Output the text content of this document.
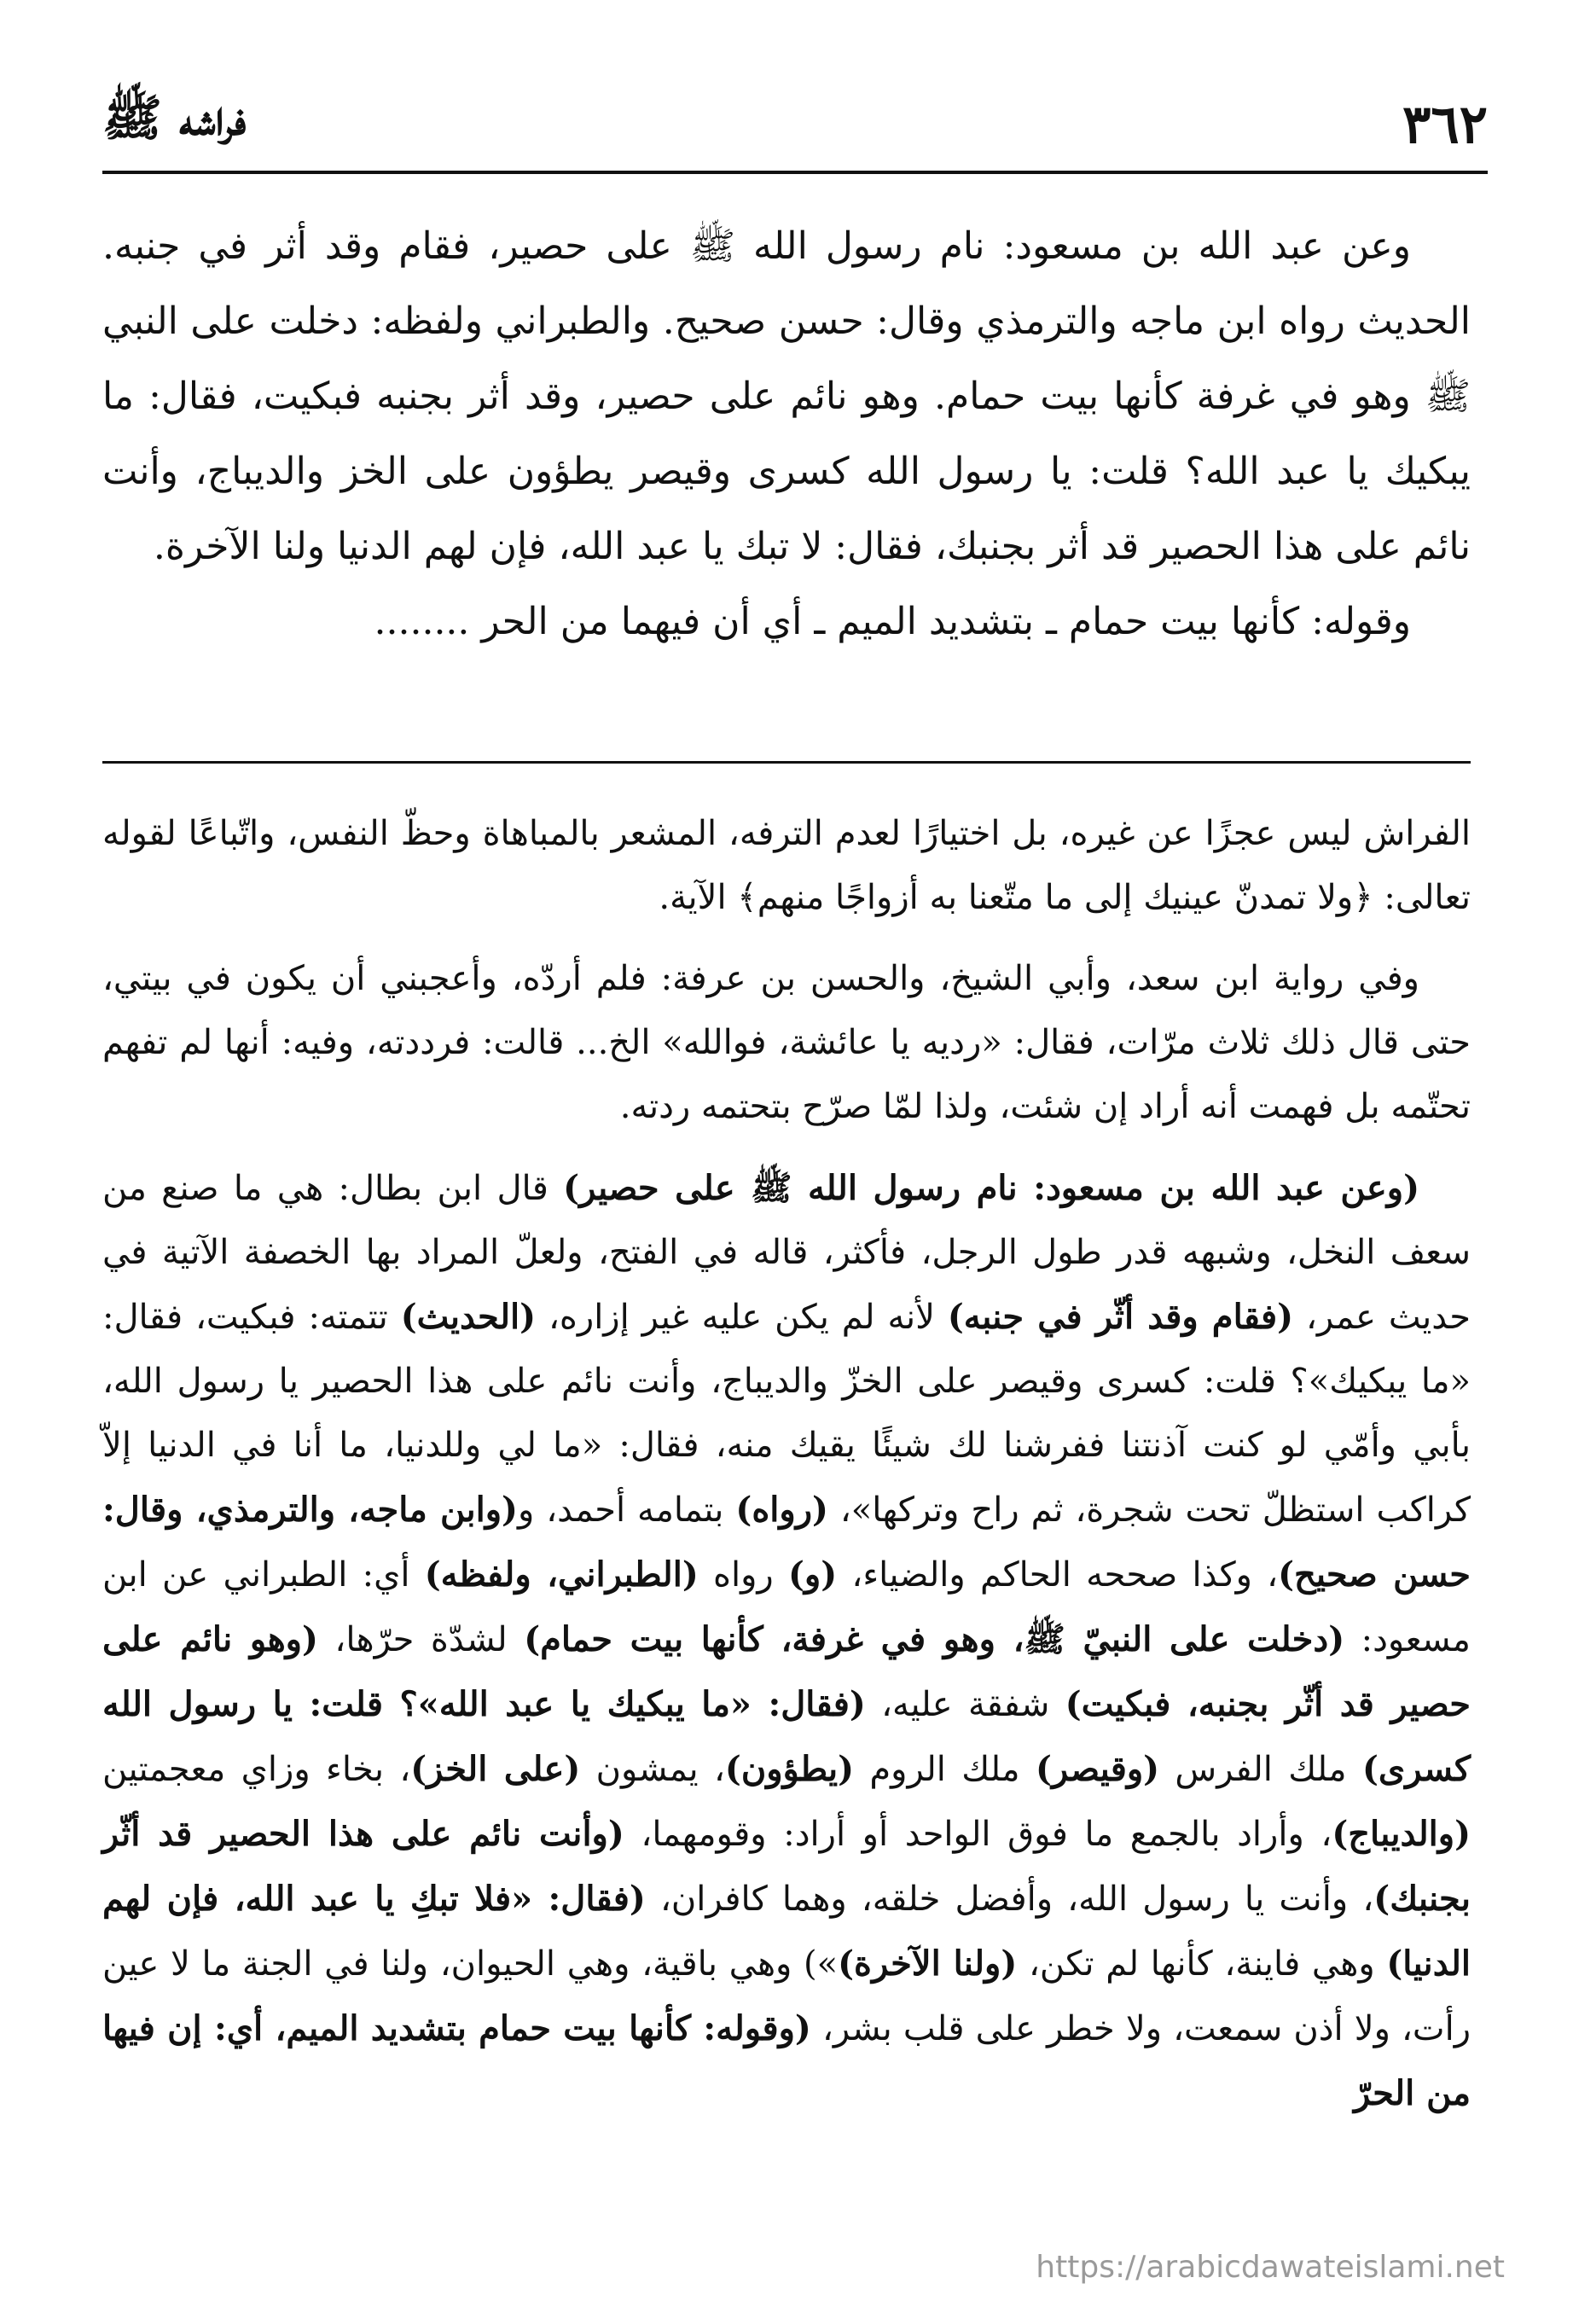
٣٦٢
فراشه ﷺ

وعن عبد الله بن مسعود: نام رسول الله ﷺ على حصير، فقام وقد أثر في جنبه. الحديث رواه ابن ماجه والترمذي وقال: حسن صحيح. والطبراني ولفظه: دخلت على النبي ﷺ وهو في غرفة كأنها بيت حمام. وهو نائم على حصير، وقد أثر بجنبه فبكيت، فقال: ما يبكيك يا عبد الله؟ قلت: يا رسول الله كسرى وقيصر يطؤون على الخز والديباج، وأنت نائم على هذا الحصير قد أثر بجنبك، فقال: لا تبك يا عبد الله، فإن لهم الدنيا ولنا الآخرة.

وقوله: كأنها بيت حمام ـ بتشديد الميم ـ أي أن فيهما من الحر ........

الفراش ليس عجزًا عن غيره، بل اختيارًا لعدم الترفه، المشعر بالمباهاة وحظّ النفس، واتّباعًا لقوله تعالى: ﴿ولا تمدنّ عينيك إلى ما متّعنا به أزواجًا منهم﴾ الآية.

وفي رواية ابن سعد، وأبي الشيخ، والحسن بن عرفة: فلم أردّه، وأعجبني أن يكون في بيتي، حتى قال ذلك ثلاث مرّات، فقال: «رديه يا عائشة، فوالله» الخ... قالت: فرددته، وفيه: أنها لم تفهم تحتّمه بل فهمت أنه أراد إن شئت، ولذا لمّا صرّح بتحتمه ردته.

(وعن عبد الله بن مسعود: نام رسول الله ﷺ على حصير) قال ابن بطال: هي ما صنع من سعف النخل، وشبهه قدر طول الرجل، فأكثر، قاله في الفتح، ولعلّ المراد بها الخصفة الآتية في حديث عمر، (فقام وقد أثّر في جنبه) لأنه لم يكن عليه غير إزاره، (الحديث) تتمته: فبكيت، فقال: «ما يبكيك»؟ قلت: كسرى وقيصر على الخزّ والديباج، وأنت نائم على هذا الحصير يا رسول الله، بأبي وأمّي لو كنت آذنتنا ففرشنا لك شيئًا يقيك منه، فقال: «ما لي وللدنيا، ما أنا في الدنيا إلاّ كراكب استظلّ تحت شجرة، ثم راح وتركها»، (رواه) بتمامه أحمد، و(وابن ماجه، والترمذي، وقال: حسن صحيح)، وكذا صححه الحاكم والضياء، (و) رواه (الطبراني، ولفظه) أي: الطبراني عن ابن مسعود: (دخلت على النبيّ ﷺ، وهو في غرفة، كأنها بيت حمام) لشدّة حرّها، (وهو نائم على حصير قد أثّر بجنبه، فبكيت) شفقة عليه، (فقال: «ما يبكيك يا عبد الله»؟ قلت: يا رسول الله كسرى) ملك الفرس (وقيصر) ملك الروم (يطؤون)، يمشون (على الخز)، بخاء وزاي معجمتين (والديباج)، وأراد بالجمع ما فوق الواحد أو أراد: وقومهما، (وأنت نائم على هذا الحصير قد أثّر بجنبك)، وأنت يا رسول الله، وأفضل خلقه، وهما كافران، (فقال: «فلا تبكِ يا عبد الله، فإن لهم الدنيا) وهي فاينة، كأنها لم تكن، (ولنا الآخرة)») وهي باقية، وهي الحيوان، ولنا في الجنة ما لا عين رأت، ولا أذن سمعت، ولا خطر على قلب بشر، (وقوله: كأنها بيت حمام بتشديد الميم، أي: إن فيها من الحرّ

https://arabicdawateislami.net
